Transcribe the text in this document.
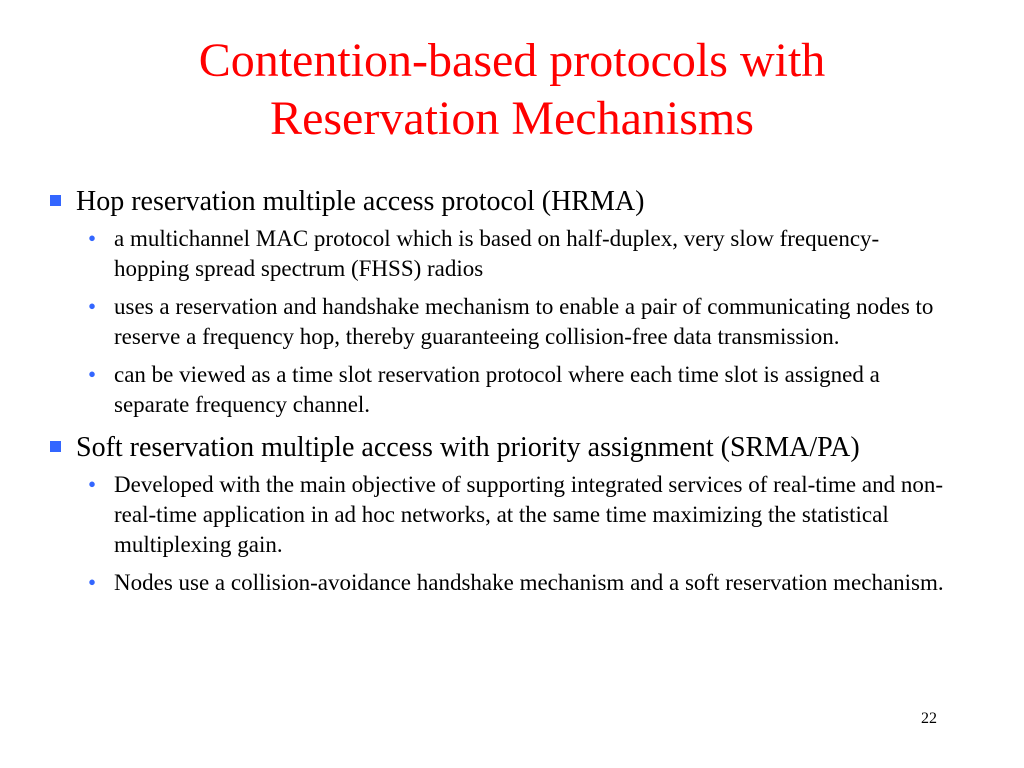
Contention-based protocols with
Reservation Mechanisms
Hop reservation multiple access protocol (HRMA)
• a multichannel MAC protocol which is based on half-duplex, very slow frequency-hopping spread spectrum (FHSS) radios
• uses a reservation and handshake mechanism to enable a pair of communicating nodes to reserve a frequency hop, thereby guaranteeing collision-free data transmission.
• can be viewed as a time slot reservation protocol where each time slot is assigned a separate frequency channel.
Soft reservation multiple access with priority assignment (SRMA/PA)
• Developed with the main objective of supporting integrated services of real-time and non-real-time application in ad hoc networks, at the same time maximizing the statistical multiplexing gain.
• Nodes use a collision-avoidance handshake mechanism and a soft reservation mechanism.
22
